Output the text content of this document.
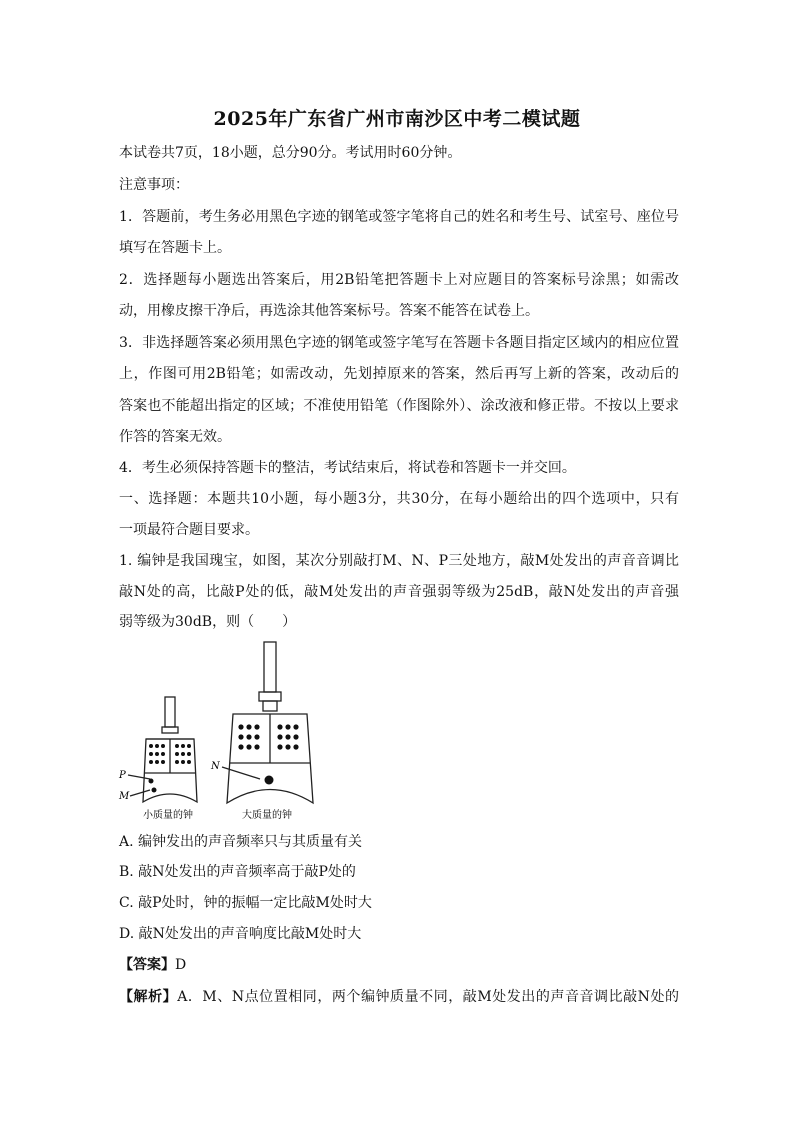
2025年广东省广州市南沙区中考二模试题
本试卷共7页，18小题，总分90分。考试用时60分钟。
注意事项：
1．答题前，考生务必用黑色字迹的钢笔或签字笔将自己的姓名和考生号、试室号、座位号
填写在答题卡上。
2．选择题每小题选出答案后，用2B铅笔把答题卡上对应题目的答案标号涂黑；如需改
动，用橡皮擦干净后，再选涂其他答案标号。答案不能答在试卷上。
3．非选择题答案必须用黑色字迹的钢笔或签字笔写在答题卡各题目指定区域内的相应位置
上，作图可用2B铅笔；如需改动，先划掉原来的答案，然后再写上新的答案，改动后的
答案也不能超出指定的区域；不准使用铅笔（作图除外）、涂改液和修正带。不按以上要求
作答的答案无效。
4．考生必须保持答题卡的整洁，考试结束后，将试卷和答题卡一并交回。
一、选择题：本题共10小题，每小题3分，共30分，在每小题给出的四个选项中，只有
一项最符合题目要求。
1. 编钟是我国瑰宝，如图，某次分别敲打M、N、P三处地方，敲M处发出的声音音调比
敲N处的高，比敲P处的低，敲M处发出的声音强弱等级为25dB，敲N处发出的声音强
弱等级为30dB，则（　　）
P
M
N
小质量的钟	大质量的钟
A. 编钟发出的声音频率只与其质量有关
B. 敲N处发出的声音频率高于敲P处的
C. 敲P处时，钟的振幅一定比敲M处时大
D. 敲N处发出的声音响度比敲M处时大
【答案】D
【解析】A．M、N点位置相同，两个编钟质量不同，敲M处发出的声音音调比敲N处的
